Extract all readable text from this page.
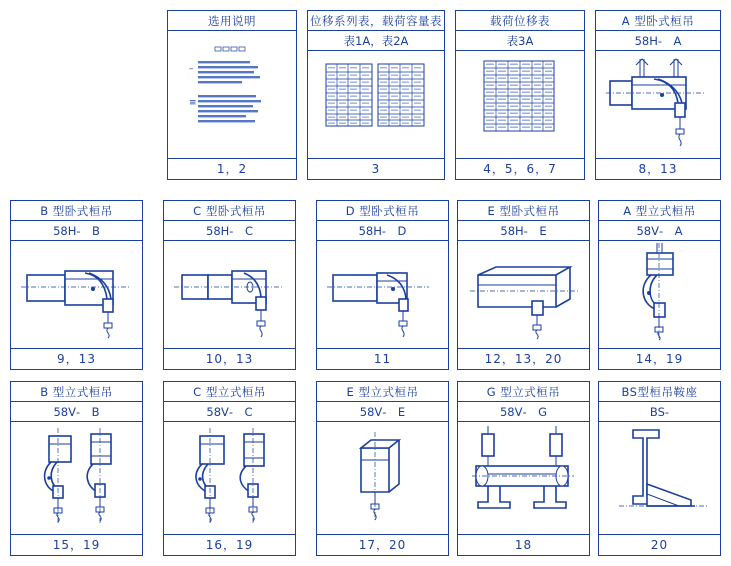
选用说明
–
≡
1，2
位移系列表，载荷容量表
表1A，表2A
3
载荷位移表
表3A
4，5，6，7
A 型卧式桓吊
58H‑　A
8，13
B 型卧式桓吊
58H‑　B
9，13
C 型卧式桓吊
58H‑　C
10，13
D 型卧式桓吊
58H‑　D
11
E 型卧式桓吊
58H‑　E
12，13，20
A 型立式桓吊
58V‑　A
14，19
B 型立式桓吊
58V‑　B
15，19
C 型立式桓吊
58V‑　C
16，19
E 型立式桓吊
58V‑　E
17，20
G 型立式桓吊
58V‑　G
18
BS型桓吊鞍座
BS‑
20
